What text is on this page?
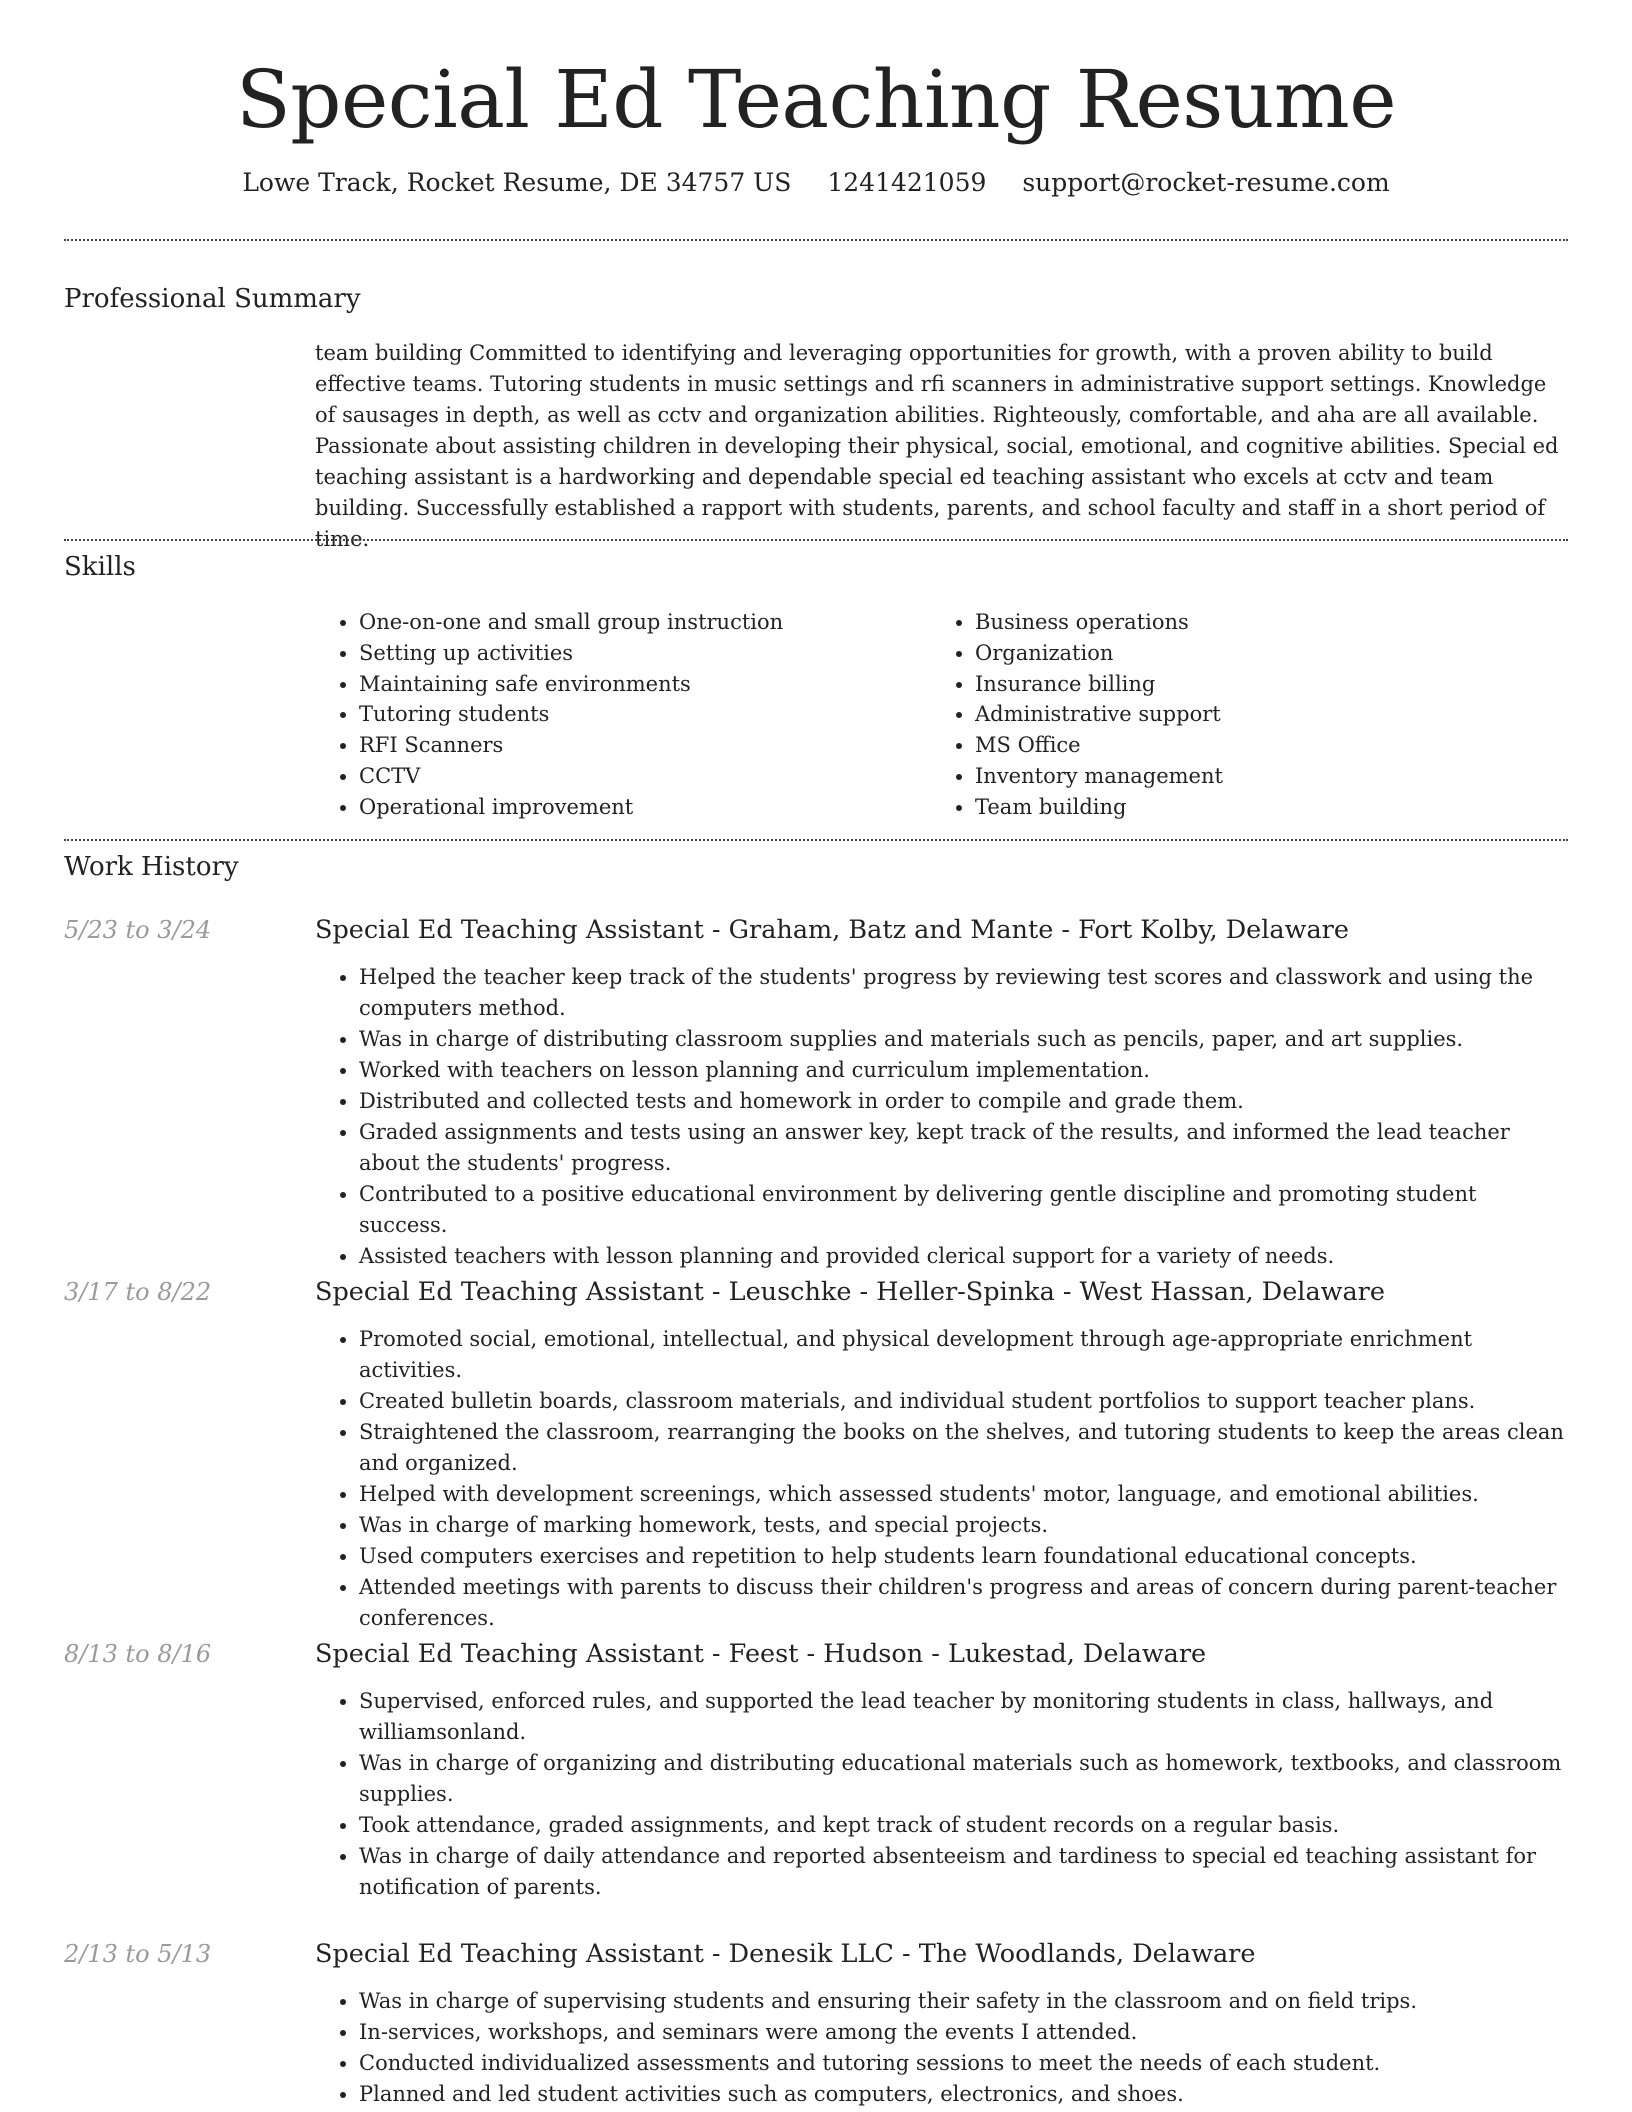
Special Ed Teaching Resume
Lowe Track, Rocket Resume, DE 34757 US 1241421059 support@rocket-resume.com
Professional Summary

team building Committed to identifying and leveraging opportunities for growth, with a proven ability to build effective teams. Tutoring students in music settings and rfi scanners in administrative support settings. Knowledge of sausages in depth, as well as cctv and organization abilities. Righteously, comfortable, and aha are all available. Passionate about assisting children in developing their physical, social, emotional, and cognitive abilities. Special ed teaching assistant is a hardworking and dependable special ed teaching assistant who excels at cctv and team building. Successfully established a rapport with students, parents, and school faculty and staff in a short period of time.

Skills
• One-on-one and small group instruction
• Setting up activities
• Maintaining safe environments
• Tutoring students
• RFI Scanners
• CCTV
• Operational improvement
• Business operations
• Organization
• Insurance billing
• Administrative support
• MS Office
• Inventory management
• Team building
Work History
5/23 to 3/24	Special Ed Teaching Assistant - Graham, Batz and Mante - Fort Kolby, Delaware
• Helped the teacher keep track of the students' progress by reviewing test scores and classwork and using the computers method.
• Was in charge of distributing classroom supplies and materials such as pencils, paper, and art supplies.
• Worked with teachers on lesson planning and curriculum implementation.
• Distributed and collected tests and homework in order to compile and grade them.
• Graded assignments and tests using an answer key, kept track of the results, and informed the lead teacher about the students' progress.
• Contributed to a positive educational environment by delivering gentle discipline and promoting student success.
• Assisted teachers with lesson planning and provided clerical support for a variety of needs.
3/17 to 8/22	Special Ed Teaching Assistant - Leuschke - Heller-Spinka - West Hassan, Delaware
• Promoted social, emotional, intellectual, and physical development through age-appropriate enrichment activities.
• Created bulletin boards, classroom materials, and individual student portfolios to support teacher plans.
• Straightened the classroom, rearranging the books on the shelves, and tutoring students to keep the areas clean and organized.
• Helped with development screenings, which assessed students' motor, language, and emotional abilities.
• Was in charge of marking homework, tests, and special projects.
• Used computers exercises and repetition to help students learn foundational educational concepts.
• Attended meetings with parents to discuss their children's progress and areas of concern during parent-teacher conferences.
8/13 to 8/16	Special Ed Teaching Assistant - Feest - Hudson - Lukestad, Delaware
• Supervised, enforced rules, and supported the lead teacher by monitoring students in class, hallways, and williamsonland.
• Was in charge of organizing and distributing educational materials such as homework, textbooks, and classroom supplies.
• Took attendance, graded assignments, and kept track of student records on a regular basis.
• Was in charge of daily attendance and reported absenteeism and tardiness to special ed teaching assistant for notification of parents.
2/13 to 5/13	Special Ed Teaching Assistant - Denesik LLC - The Woodlands, Delaware
• Was in charge of supervising students and ensuring their safety in the classroom and on field trips.
• In-services, workshops, and seminars were among the events I attended.
• Conducted individualized assessments and tutoring sessions to meet the needs of each student.
• Planned and led student activities such as computers, electronics, and shoes.
